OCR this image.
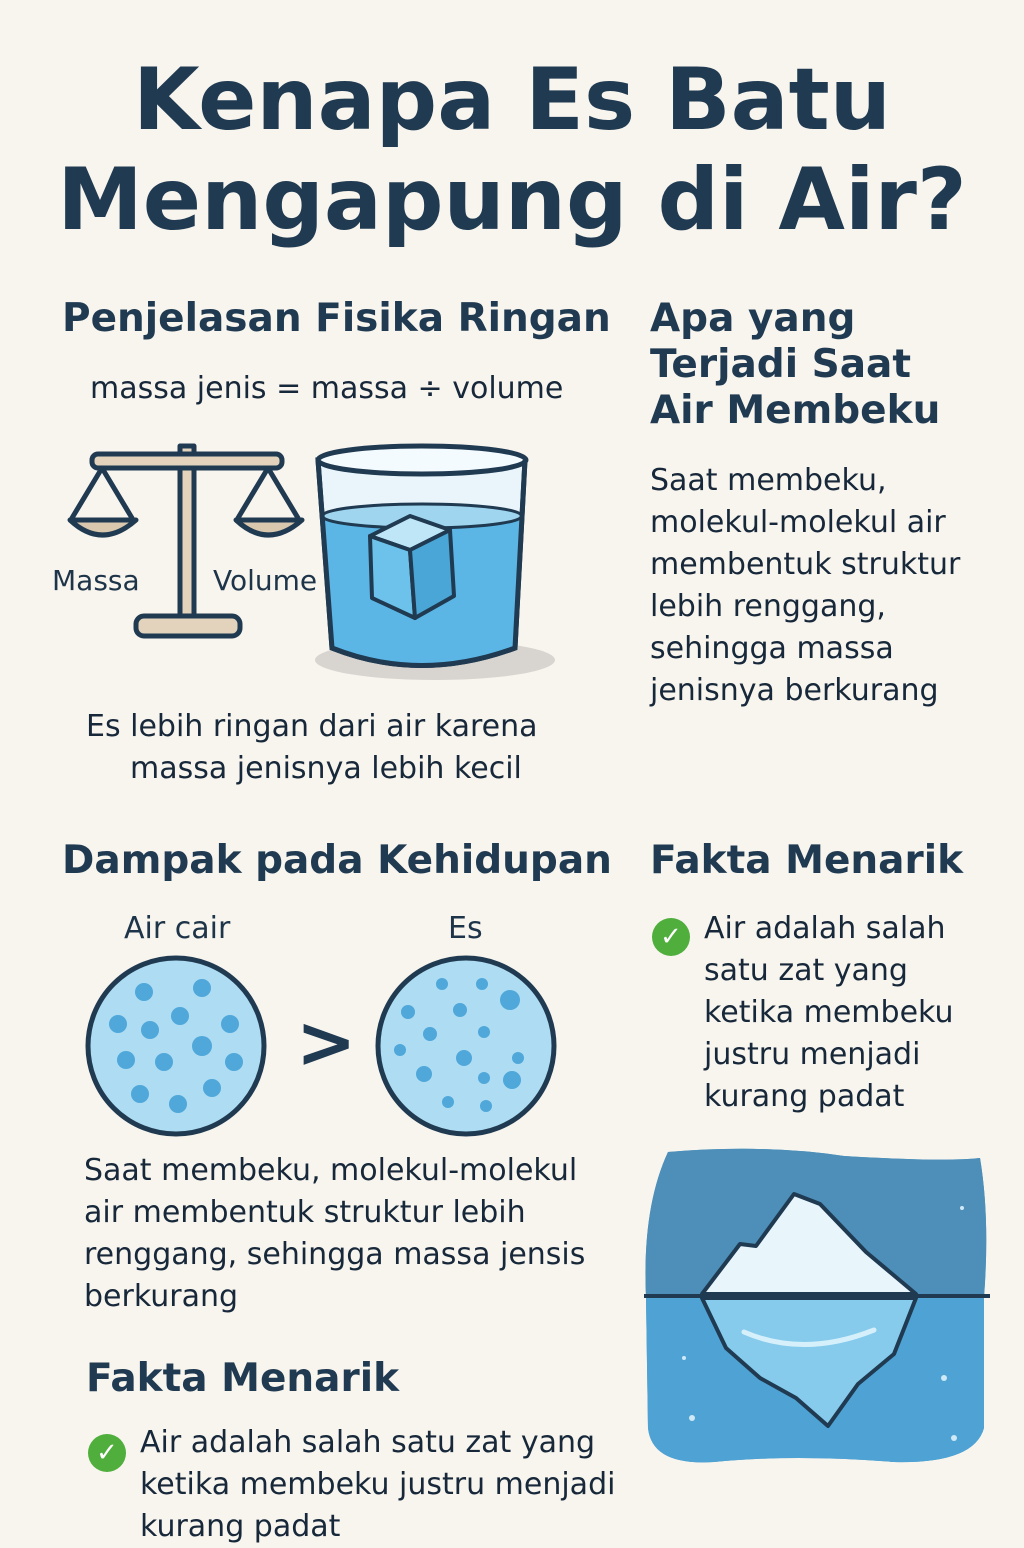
Kenapa Es Batu
Mengapung di Air?
Penjelasan Fisika Ringan
massa jenis = massa ÷ volume
Massa	Volume
Es lebih ringan dari air karena
massa jenisnya lebih kecil
Apa yang
Terjadi Saat
Air Membeku
Saat membeku,
molekul-molekul air
membentuk struktur
lebih renggang,
sehingga massa
jenisnya berkurang
Dampak pada Kehidupan
Air cair	Es
>
Saat membeku, molekul-molekul
air membentuk struktur lebih
renggang, sehingga massa jensis
berkurang
Fakta Menarik
✓ Air adalah salah
satu zat yang
ketika membeku
justru menjadi
kurang padat
Fakta Menarik
✓ Air adalah salah satu zat yang
ketika membeku justru menjadi
kurang padat
